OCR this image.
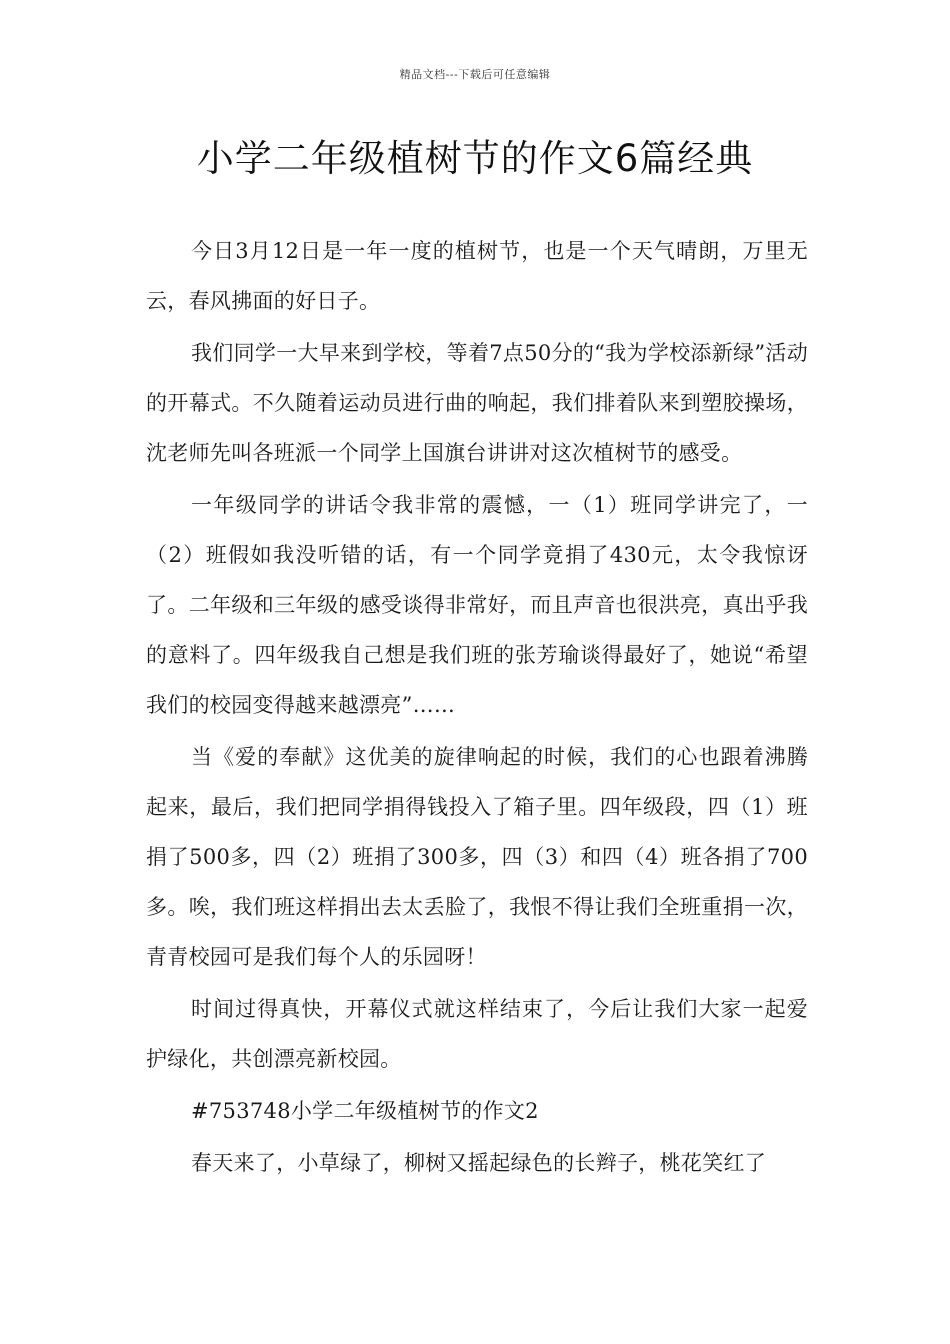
精品文档---下载后可任意编辑
小学二年级植树节的作文6篇经典

今日3月12日是一年一度的植树节，也是一个天气晴朗，万里无云，春风拂面的好日子。

我们同学一大早来到学校，等着7点50分的“我为学校添新绿”活动的开幕式。不久随着运动员进行曲的响起，我们排着队来到塑胶操场，沈老师先叫各班派一个同学上国旗台讲讲对这次植树节的感受。

一年级同学的讲话令我非常的震憾，一（1）班同学讲完了，一（2）班假如我没听错的话，有一个同学竟捐了430元，太令我惊讶了。二年级和三年级的感受谈得非常好，而且声音也很洪亮，真出乎我的意料了。四年级我自己想是我们班的张芳瑜谈得最好了，她说“希望我们的校园变得越来越漂亮”……

当《爱的奉献》这优美的旋律响起的时候，我们的心也跟着沸腾起来，最后，我们把同学捐得钱投入了箱子里。四年级段，四（1）班捐了500多，四（2）班捐了300多，四（3）和四（4）班各捐了700多。唉，我们班这样捐出去太丢脸了，我恨不得让我们全班重捐一次，青青校园可是我们每个人的乐园呀！

时间过得真快，开幕仪式就这样结束了，今后让我们大家一起爱护绿化，共创漂亮新校园。

#753748小学二年级植树节的作文2

春天来了，小草绿了，柳树又摇起绿色的长辫子，桃花笑红了
